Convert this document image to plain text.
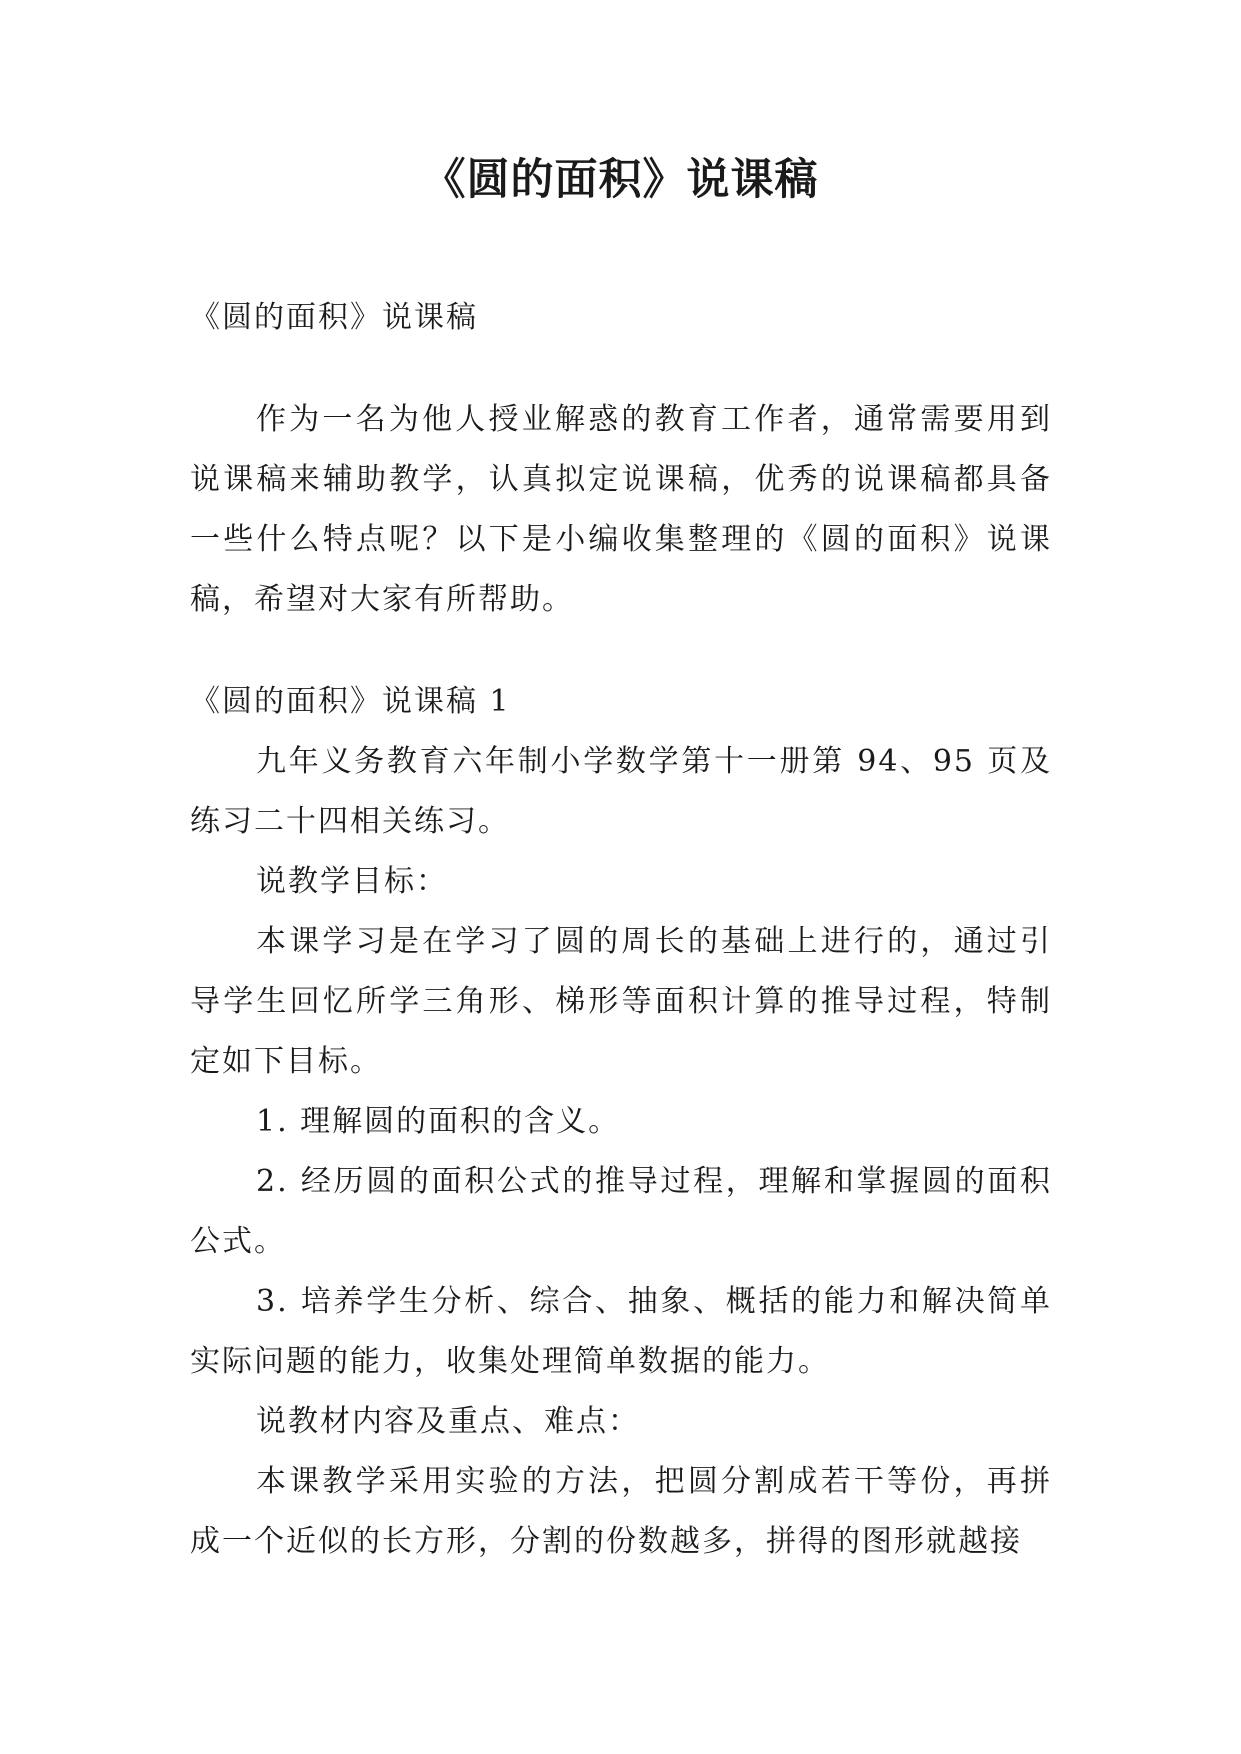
《圆的面积》说课稿

《圆的面积》说课稿

作为一名为他人授业解惑的教育工作者，通常需要用到说课稿来辅助教学，认真拟定说课稿，优秀的说课稿都具备一些什么特点呢？以下是小编收集整理的《圆的面积》说课稿，希望对大家有所帮助。

《圆的面积》说课稿 1

九年义务教育六年制小学数学第十一册第 94、95 页及练习二十四相关练习。

说教学目标：

本课学习是在学习了圆的周长的基础上进行的，通过引导学生回忆所学三角形、梯形等面积计算的推导过程，特制定如下目标。

1. 理解圆的面积的含义。

2. 经历圆的面积公式的推导过程，理解和掌握圆的面积公式。

3. 培养学生分析、综合、抽象、概括的能力和解决简单实际问题的能力，收集处理简单数据的能力。

说教材内容及重点、难点：

本课教学采用实验的方法，把圆分割成若干等份，再拼成一个近似的长方形，分割的份数越多，拼得的图形就越接
